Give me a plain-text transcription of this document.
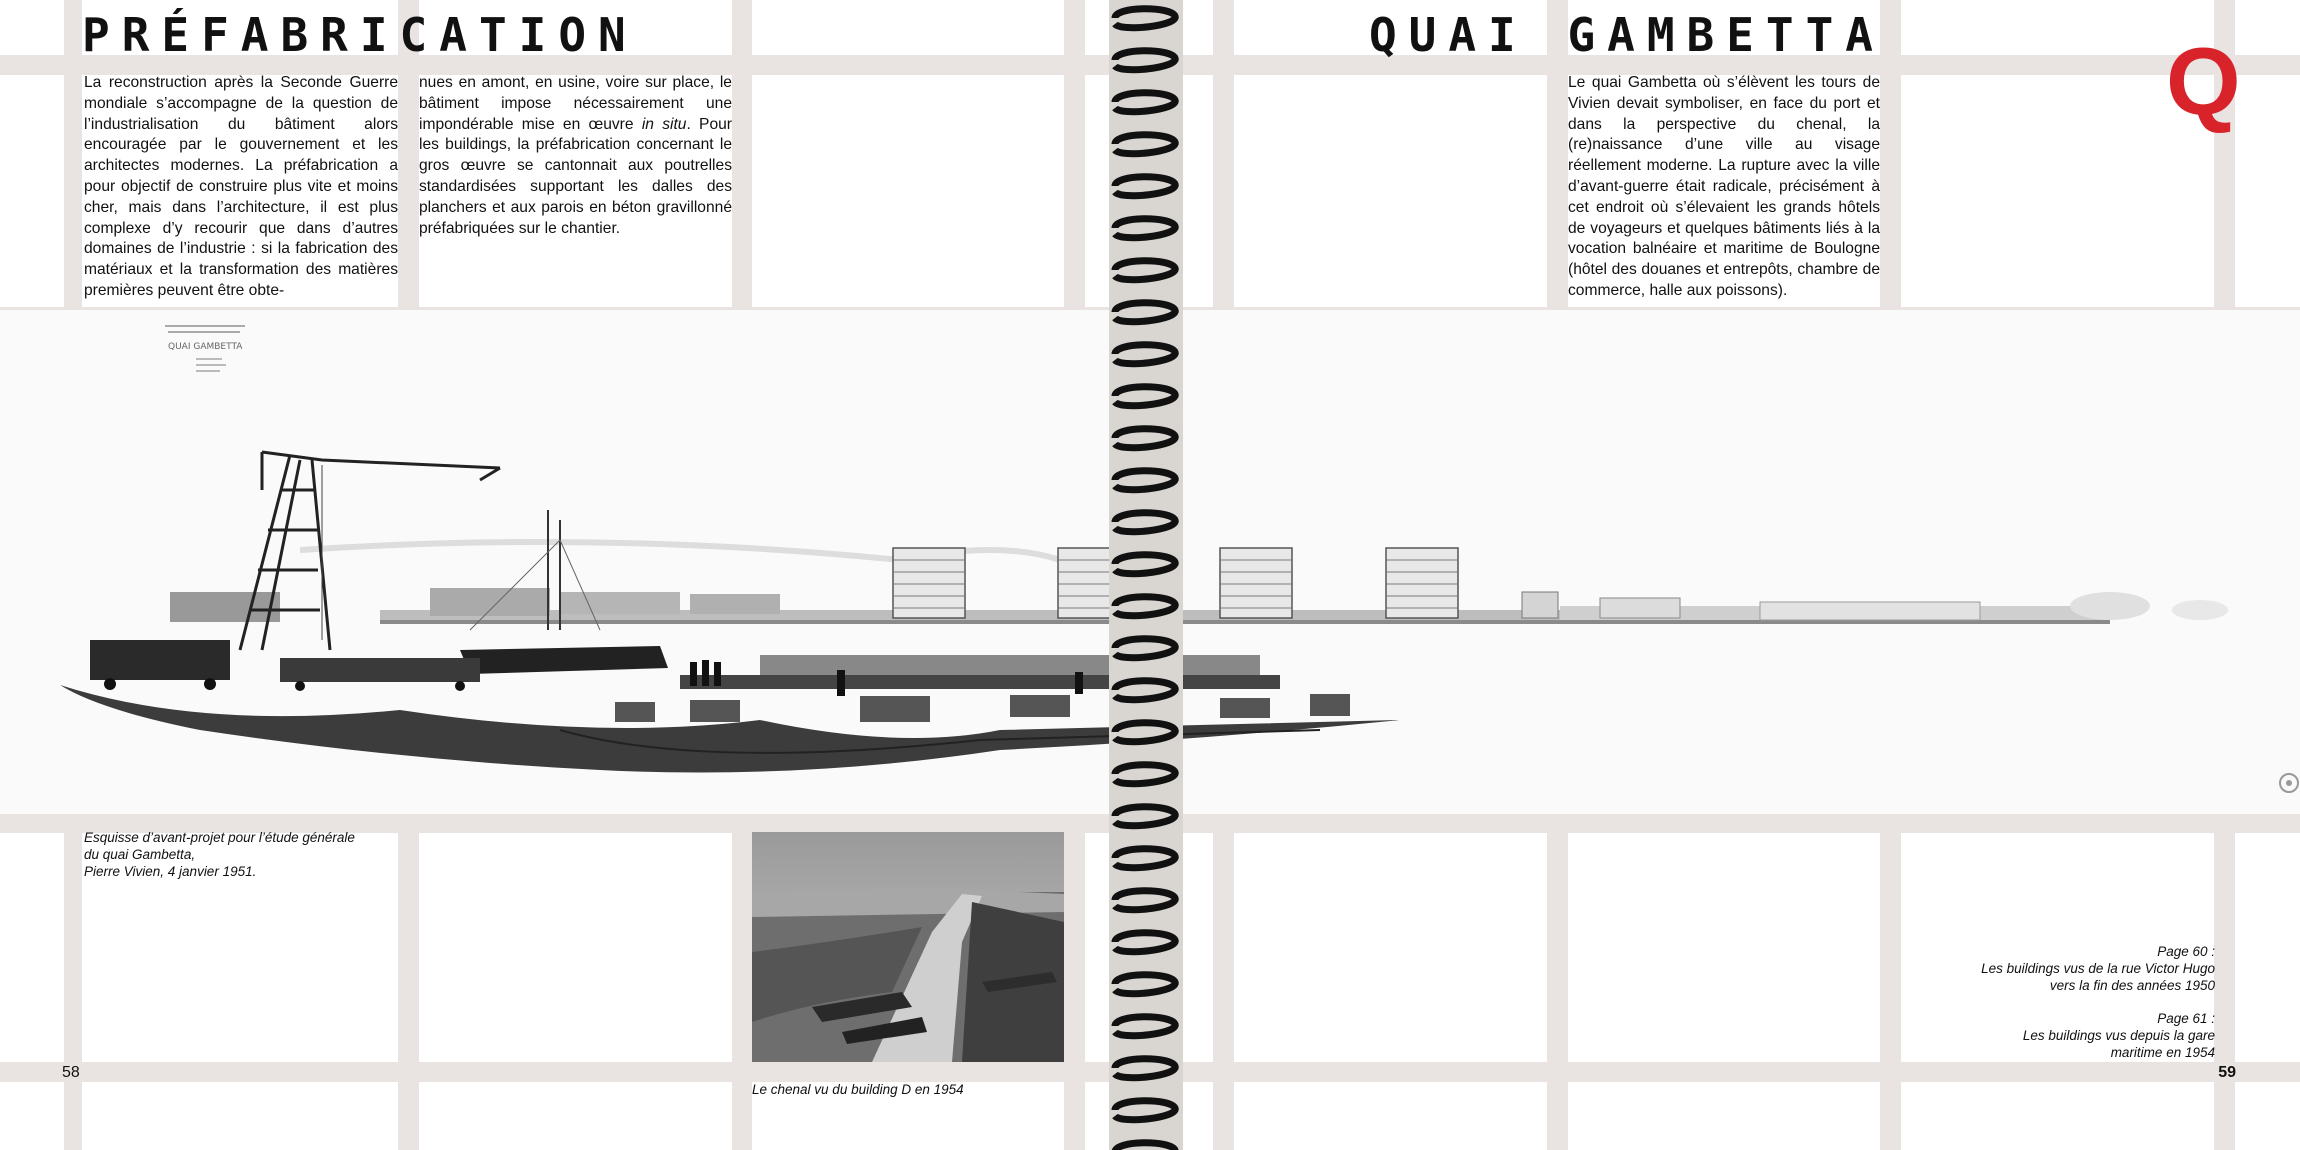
PRÉFABRICATION	QUAI GAMBETTA	Q

La reconstruction après la Seconde Guerre mondiale s’accompagne de la question de l’industrialisation du bâtiment alors encouragée par le gouvernement et les architectes modernes. La préfabrication a pour objectif de construire plus vite et moins cher, mais dans l’architecture, il est plus complexe d’y recourir que dans d’autres domaines de l’industrie : si la fabrication des matériaux et la transformation des matières premières peuvent être obte-

nues en amont, en usine, voire sur place, le bâtiment impose nécessairement une impondérable mise en œuvre in situ. Pour les buildings, la préfabrication concernant le gros œuvre se cantonnait aux poutrelles standardisées supportant les dalles des planchers et aux parois en béton gravillonné préfabriquées sur le chantier.

Le quai Gambetta où s’élèvent les tours de Vivien devait symboliser, en face du port et dans la perspective du chenal, la (re)naissance d’une ville au visage réellement moderne. La rupture avec la ville d’avant-guerre était radicale, précisément à cet endroit où s’élevaient les grands hôtels de voyageurs et quelques bâtiments liés à la vocation balnéaire et maritime de Boulogne (hôtel des douanes et entrepôts, chambre de commerce, halle aux poissons).

QUAI GAMBETTA
Esquisse d’avant-projet pour l’étude générale
du quai Gambetta,
Pierre Vivien, 4 janvier 1951.

Le chenal vu du building D en 1954

Page 60 :
Les buildings vus de la rue Victor Hugo
vers la fin des années 1950

Page 61 :
Les buildings vus depuis la gare
maritime en 1954

58	59
